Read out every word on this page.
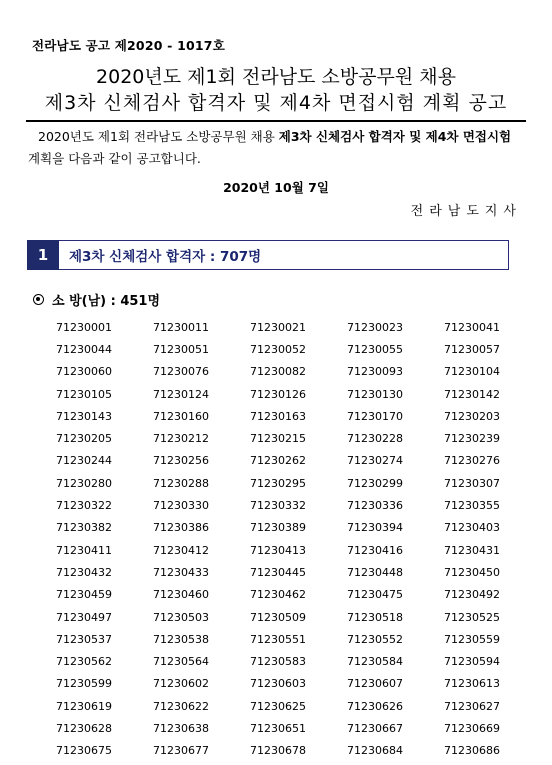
전라남도 공고 제2020 - 1017호
2020년도 제1회 전라남도 소방공무원 채용
제3차 신체검사 합격자 및 제4차 면접시험 계획 공고
2020년도 제1회 전라남도 소방공무원 채용 제3차 신체검사 합격자 및 제4차 면접시험 계획을 다음과 같이 공고합니다.
2020년 10월 7일
전라남도지사
1	제3차 신체검사 합격자 : 707명
소 방(남) : 451명
71230001	71230011	71230021	71230023	71230041
71230044	71230051	71230052	71230055	71230057
71230060	71230076	71230082	71230093	71230104
71230105	71230124	71230126	71230130	71230142
71230143	71230160	71230163	71230170	71230203
71230205	71230212	71230215	71230228	71230239
71230244	71230256	71230262	71230274	71230276
71230280	71230288	71230295	71230299	71230307
71230322	71230330	71230332	71230336	71230355
71230382	71230386	71230389	71230394	71230403
71230411	71230412	71230413	71230416	71230431
71230432	71230433	71230445	71230448	71230450
71230459	71230460	71230462	71230475	71230492
71230497	71230503	71230509	71230518	71230525
71230537	71230538	71230551	71230552	71230559
71230562	71230564	71230583	71230584	71230594
71230599	71230602	71230603	71230607	71230613
71230619	71230622	71230625	71230626	71230627
71230628	71230638	71230651	71230667	71230669
71230675	71230677	71230678	71230684	71230686
